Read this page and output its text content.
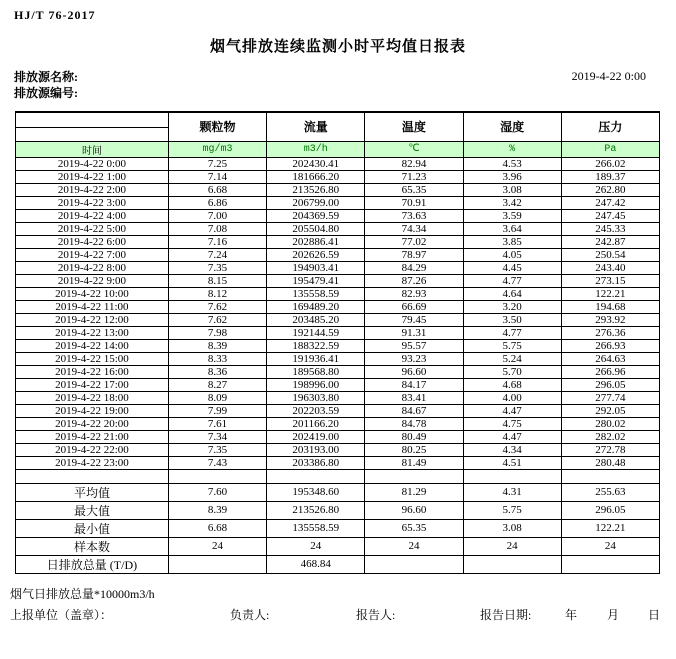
HJ/T 76-2017
烟气排放连续监测小时平均值日报表
排放源名称:
排放源编号:
2019-4-22 0:00
	颗粒物	流量	温度	湿度	压力
时间	mg/m3	m3/h	℃	%	Pa
2019-4-22 0:00	7.25	202430.41	82.94	4.53	266.02
2019-4-22 1:00	7.14	181666.20	71.23	3.96	189.37
2019-4-22 2:00	6.68	213526.80	65.35	3.08	262.80
2019-4-22 3:00	6.86	206799.00	70.91	3.42	247.42
2019-4-22 4:00	7.00	204369.59	73.63	3.59	247.45
2019-4-22 5:00	7.08	205504.80	74.34	3.64	245.33
2019-4-22 6:00	7.16	202886.41	77.02	3.85	242.87
2019-4-22 7:00	7.24	202626.59	78.97	4.05	250.54
2019-4-22 8:00	7.35	194903.41	84.29	4.45	243.40
2019-4-22 9:00	8.15	195479.41	87.26	4.77	273.15
2019-4-22 10:00	8.12	135558.59	82.93	4.64	122.21
2019-4-22 11:00	7.62	169489.20	66.69	3.20	194.68
2019-4-22 12:00	7.62	203485.20	79.45	3.50	293.92
2019-4-22 13:00	7.98	192144.59	91.31	4.77	276.36
2019-4-22 14:00	8.39	188322.59	95.57	5.75	266.93
2019-4-22 15:00	8.33	191936.41	93.23	5.24	264.63
2019-4-22 16:00	8.36	189568.80	96.60	5.70	266.96
2019-4-22 17:00	8.27	198996.00	84.17	4.68	296.05
2019-4-22 18:00	8.09	196303.80	83.41	4.00	277.74
2019-4-22 19:00	7.99	202203.59	84.67	4.47	292.05
2019-4-22 20:00	7.61	201166.20	84.78	4.75	280.02
2019-4-22 21:00	7.34	202419.00	80.49	4.47	282.02
2019-4-22 22:00	7.35	203193.00	80.25	4.34	272.78
2019-4-22 23:00	7.43	203386.80	81.49	4.51	280.48

平均值	7.60	195348.60	81.29	4.31	255.63
最大值	8.39	213526.80	96.60	5.75	296.05
最小值	6.68	135558.59	65.35	3.08	122.21
样本数	24	24	24	24	24
日排放总量 (T/D)		468.84			
烟气日排放总量*10000m3/h
上报单位（盖章）：	负责人:	报告人:	报告日期:	年 月 日
